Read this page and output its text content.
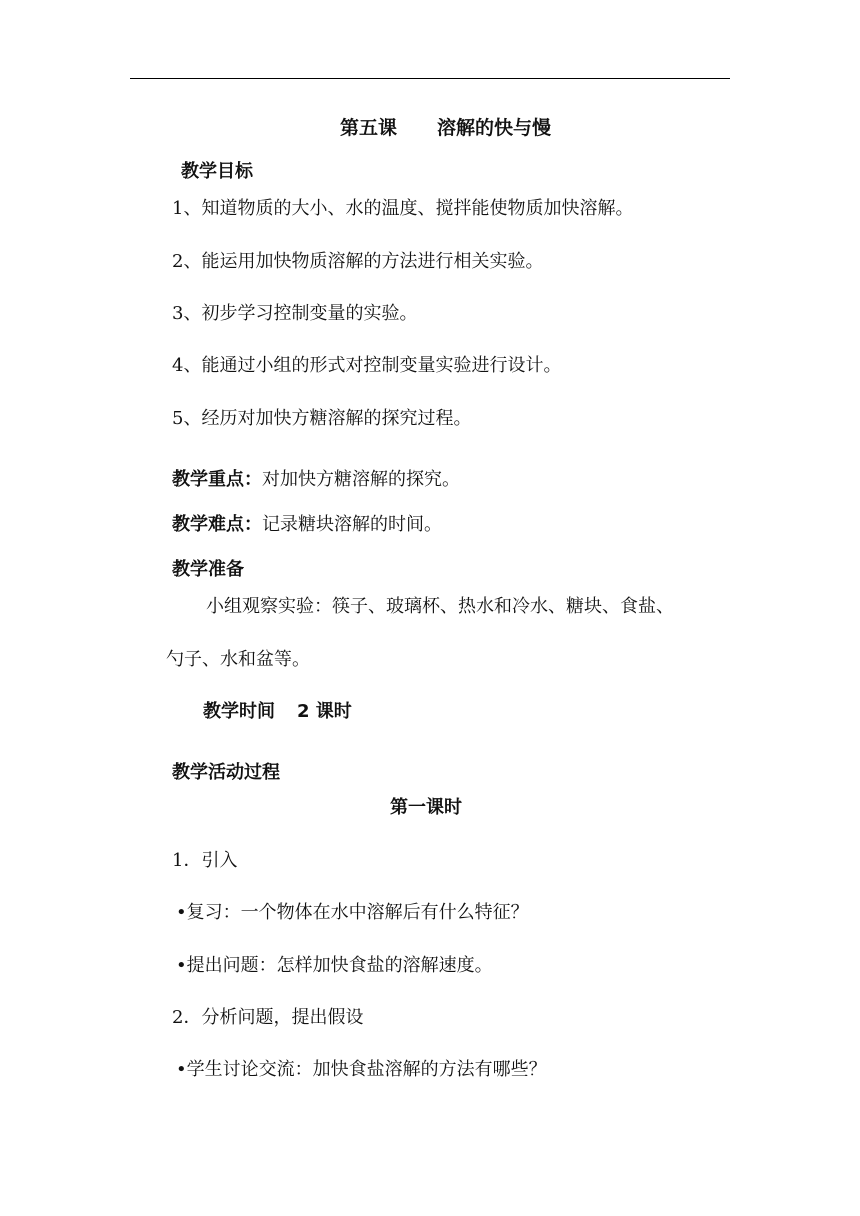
第五课 溶解的快与慢
教学目标
1、知道物质的大小、水的温度、搅拌能使物质加快溶解。
2、能运用加快物质溶解的方法进行相关实验。
3、初步学习控制变量的实验。
4、能通过小组的形式对控制变量实验进行设计。
5、经历对加快方糖溶解的探究过程。
教学重点：对加快方糖溶解的探究。
教学难点：记录糖块溶解的时间。
教学准备
小组观察实验：筷子、玻璃杯、热水和冷水、糖块、食盐、
勺子、水和盆等。
教学时间 2 课时
教学活动过程
第一课时
1．引入
•复习：一个物体在水中溶解后有什么特征？
•提出问题：怎样加快食盐的溶解速度。
2．分析问题，提出假设
•学生讨论交流：加快食盐溶解的方法有哪些？
